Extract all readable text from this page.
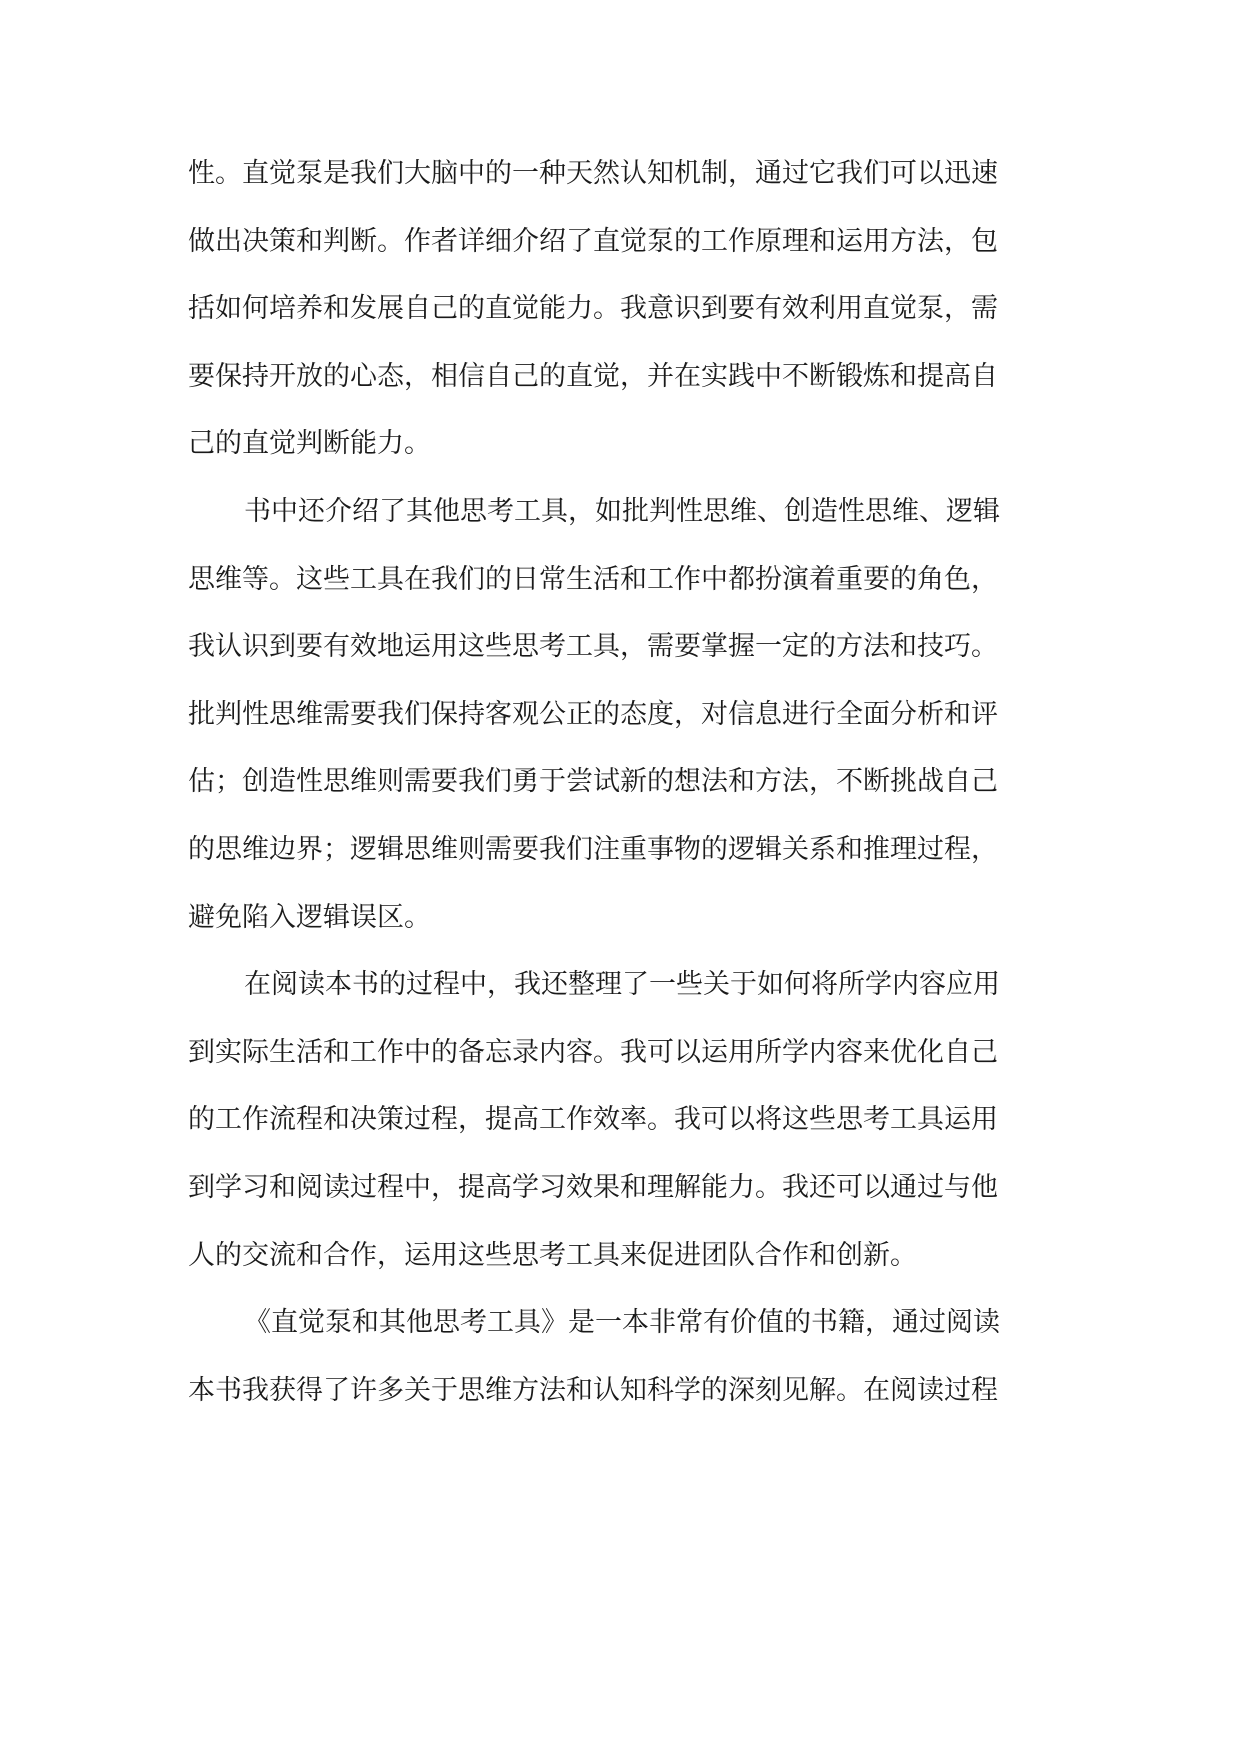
性。直觉泵是我们大脑中的一种天然认知机制，通过它我们可以迅速
做出决策和判断。作者详细介绍了直觉泵的工作原理和运用方法，包
括如何培养和发展自己的直觉能力。我意识到要有效利用直觉泵，需
要保持开放的心态，相信自己的直觉，并在实践中不断锻炼和提高自
己的直觉判断能力。
书中还介绍了其他思考工具，如批判性思维、创造性思维、逻辑
思维等。这些工具在我们的日常生活和工作中都扮演着重要的角色，
我认识到要有效地运用这些思考工具，需要掌握一定的方法和技巧。
批判性思维需要我们保持客观公正的态度，对信息进行全面分析和评
估；创造性思维则需要我们勇于尝试新的想法和方法，不断挑战自己
的思维边界；逻辑思维则需要我们注重事物的逻辑关系和推理过程，
避免陷入逻辑误区。
在阅读本书的过程中，我还整理了一些关于如何将所学内容应用
到实际生活和工作中的备忘录内容。我可以运用所学内容来优化自己
的工作流程和决策过程，提高工作效率。我可以将这些思考工具运用
到学习和阅读过程中，提高学习效果和理解能力。我还可以通过与他
人的交流和合作，运用这些思考工具来促进团队合作和创新。
《直觉泵和其他思考工具》是一本非常有价值的书籍，通过阅读
本书我获得了许多关于思维方法和认知科学的深刻见解。在阅读过程
